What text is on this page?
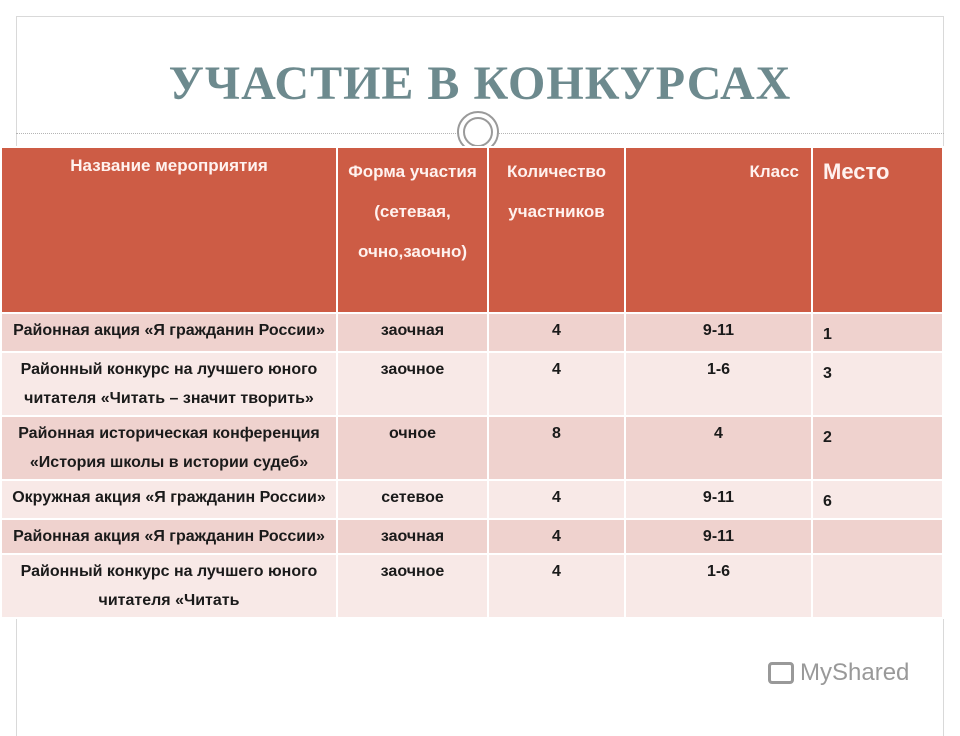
УЧАСТИЕ В КОНКУРСАХ
Название мероприятия	Форма участия (сетевая, очно,заочно)	Количество участников	Класс	Место
Районная акция «Я гражданин России»	заочная	4	9-11	1
Районный конкурс на лучшего юного читателя «Читать – значит творить»	заочное	4	1-6	3
Районная историческая конференция «История школы в истории судеб»	очное	8	4	2
Окружная акция «Я гражданин России»	сетевое	4	9-11	6
Районная акция «Я гражданин России»	заочная	4	9-11	
Районный конкурс на лучшего юного читателя «Читать	заочное	4	1-6	
MyShared
